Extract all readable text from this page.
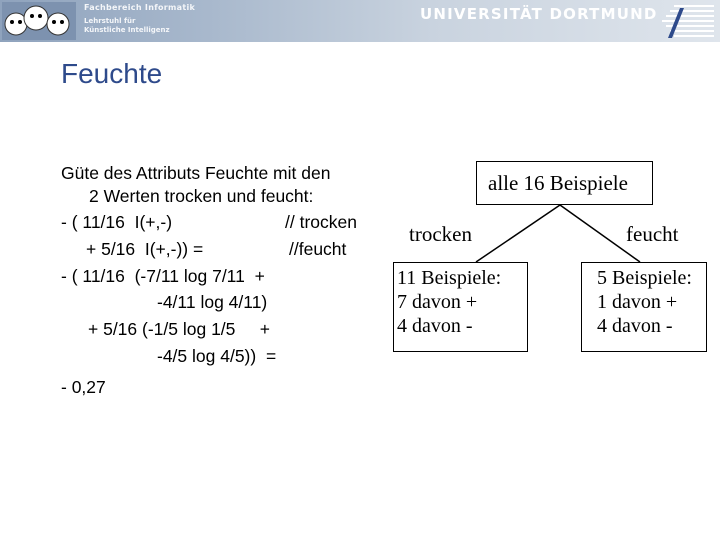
Fachbereich Informatik
Lehrstuhl für
Künstliche Intelligenz
UNIVERSITÄT DORTMUND
Feuchte
Güte des Attributs Feuchte mit den
2 Werten trocken und feucht:
- ( 11/16  I(+,-)	// trocken
+ 5/16  I(+,-)) =	//feucht
- ( 11/16  (-7/11 log 7/11  +
-4/11 log 4/11)
+ 5/16 (-1/5 log 1/5     +
-4/5 log 4/5))  =
- 0,27
alle 16 Beispiele
trocken	feucht
11 Beispiele:
7 davon +
4 davon -
5 Beispiele:
1 davon +
4 davon -
